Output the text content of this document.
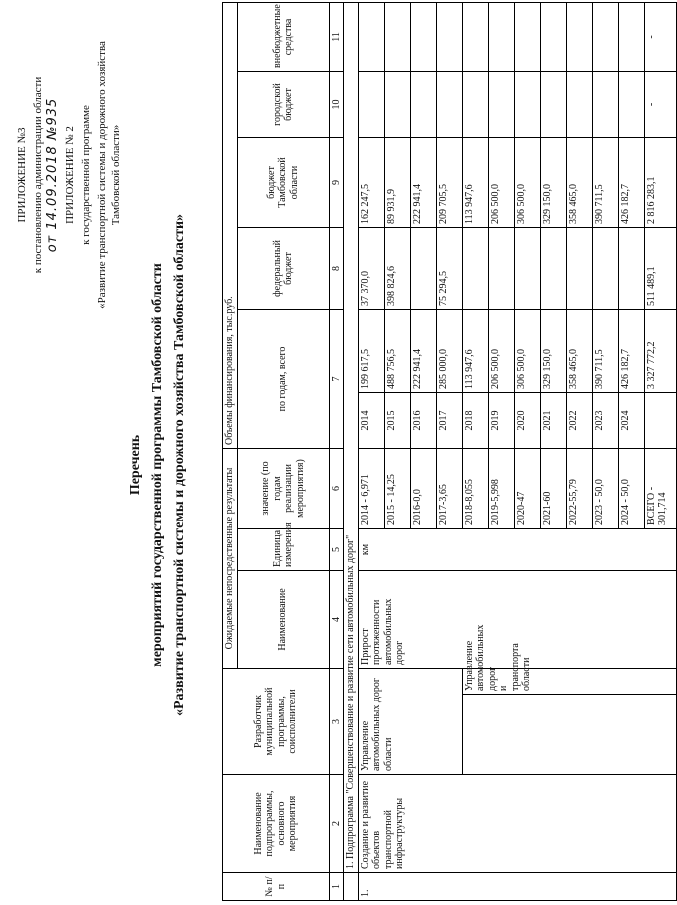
ПРИЛОЖЕНИЕ №3 к постановлению администрации области от 14.09.2018 №935 ПРИЛОЖЕНИЕ № 2 к государственной программе «Развитие транспортной системы и дорожного хозяйства Тамбовской области»
Перечень мероприятий государственной программы Тамбовской области «Развитие транспортной системы и дорожного хозяйства Тамбовской области»
№ п/п	Наименование подпрограммы, основного мероприятия	Разработчик муниципальной программы, соисполнители		Ожидаемые непосредственные результаты			Объемы финансирования, тыс.руб.					
				Наименование	Единица измерения	значение (по годам реализации мероприятия)	по годам, всего		федеральный бюджет	бюджет Тамбовской области	городской бюджет	внебюджетные средства
1	2	3		4	5	6	7		8	9	10	11
	1. Подпрограмма "Совершенствование и развитие сети автомобильных дорог"											
1.	Создание и развитие объектов транспортной инфраструктуры	Управление автомобильных дорог области		Прирост протяженности автомобильных дорог	км	2014 - 6,971	2014	199 617,5	37 370,0	162 247,5		
						2015 - 14,25	2015	488 756,5	398 824,6	89 931,9		
						2016-0,0	2016	222 941,4		222 941,4		
						2017-3,65	2017	285 000,0	75 294,5	209 705,5		
			Управление автомобильных дорог и транспорта области			2018-8,055	2018	113 947,6		113 947,6		
						2019-5,998	2019	206 500,0		206 500,0		
						2020-47	2020	306 500,0		306 500,0		
						2021-60	2021	329 150,0		329 150,0		
						2022-55,79	2022	358 465,0		358 465,0		
						2023 - 50,0	2023	390 711,5		390 711,5		
						2024 - 50,0	2024	426 182,7		426 182,7		
						ВСЕГО - 301,714		3 327 772,2	511 489,1	2 816 283,1	-	-
